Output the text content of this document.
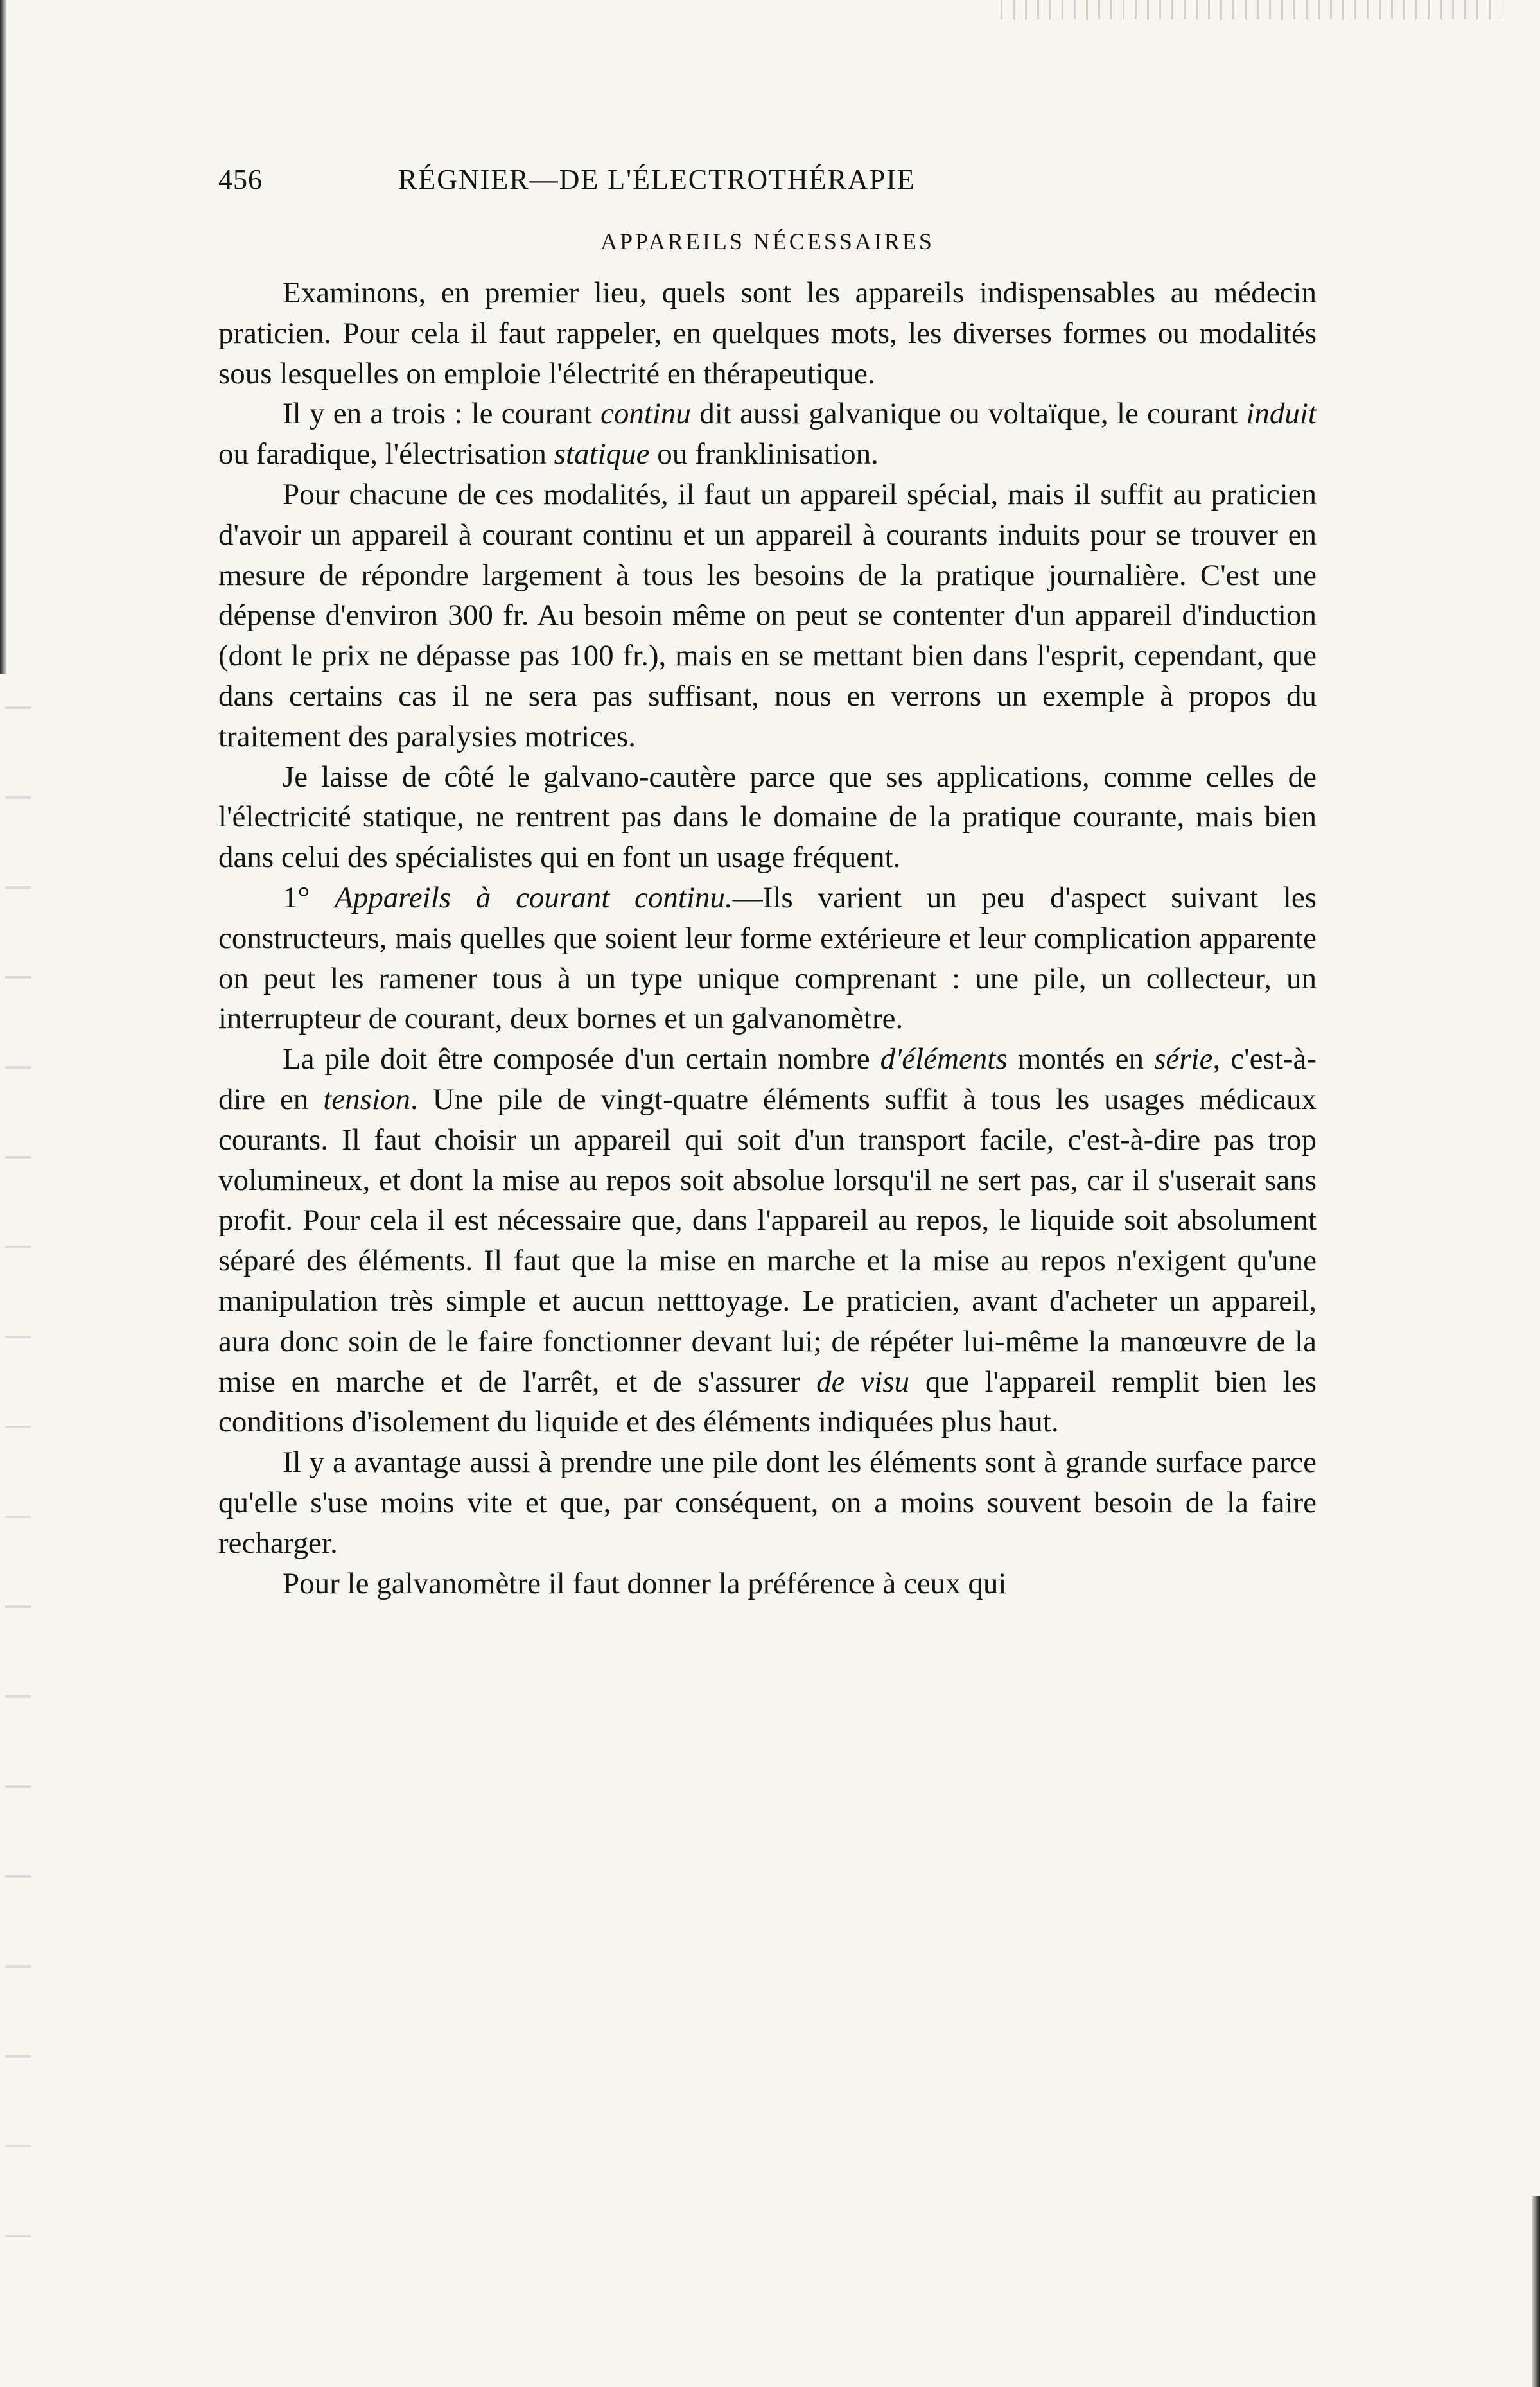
456	RÉGNIER—DE L'ÉLECTROTHÉRAPIE
APPAREILS NÉCESSAIRES

Examinons, en premier lieu, quels sont les appareils indispensables au médecin praticien. Pour cela il faut rappeler, en quelques mots, les diverses formes ou modalités sous lesquelles on emploie l'électrité en thérapeutique.

Il y en a trois : le courant continu dit aussi galvanique ou voltaïque, le courant induit ou faradique, l'électrisation statique ou franklinisation.

Pour chacune de ces modalités, il faut un appareil spécial, mais il suffit au praticien d'avoir un appareil à courant continu et un appareil à courants induits pour se trouver en mesure de répondre largement à tous les besoins de la pratique journalière. C'est une dépense d'environ 300 fr. Au besoin même on peut se contenter d'un appareil d'induction (dont le prix ne dépasse pas 100 fr.), mais en se mettant bien dans l'esprit, cependant, que dans certains cas il ne sera pas suffisant, nous en verrons un exemple à propos du traitement des paralysies motrices.

Je laisse de côté le galvano-cautère parce que ses applications, comme celles de l'électricité statique, ne rentrent pas dans le domaine de la pratique courante, mais bien dans celui des spécialistes qui en font un usage fréquent.

1° Appareils à courant continu.—Ils varient un peu d'aspect suivant les constructeurs, mais quelles que soient leur forme extérieure et leur complication apparente on peut les ramener tous à un type unique comprenant : une pile, un collecteur, un interrupteur de courant, deux bornes et un galvanomètre.

La pile doit être composée d'un certain nombre d'éléments montés en série, c'est-à-dire en tension. Une pile de vingt-quatre éléments suffit à tous les usages médicaux courants. Il faut choisir un appareil qui soit d'un transport facile, c'est-à-dire pas trop volumineux, et dont la mise au repos soit absolue lorsqu'il ne sert pas, car il s'userait sans profit. Pour cela il est nécessaire que, dans l'appareil au repos, le liquide soit absolument séparé des éléments. Il faut que la mise en marche et la mise au repos n'exigent qu'une manipulation très simple et aucun netttoyage. Le praticien, avant d'acheter un appareil, aura donc soin de le faire fonctionner devant lui; de répéter lui-même la manœuvre de la mise en marche et de l'arrêt, et de s'assurer de visu que l'appareil remplit bien les conditions d'isolement du liquide et des éléments indiquées plus haut.

Il y a avantage aussi à prendre une pile dont les éléments sont à grande surface parce qu'elle s'use moins vite et que, par conséquent, on a moins souvent besoin de la faire recharger.

Pour le galvanomètre il faut donner la préférence à ceux qui
